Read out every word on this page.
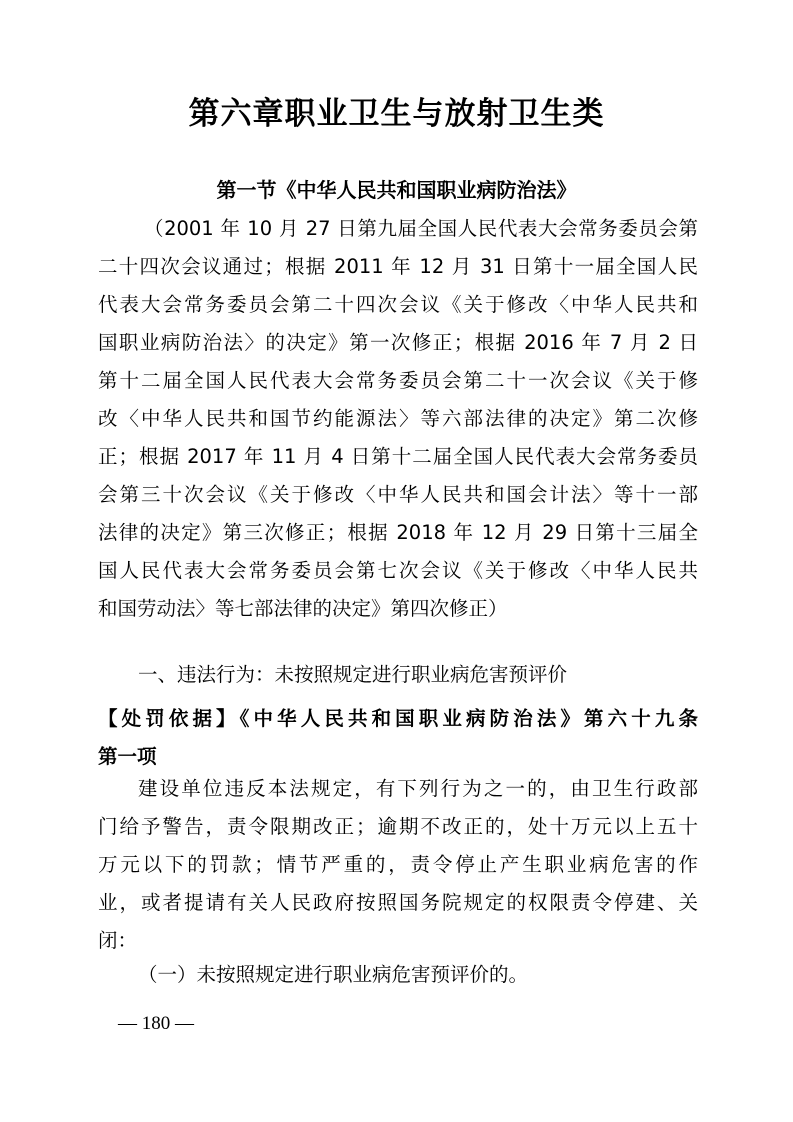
第六章职业卫生与放射卫生类
第一节《中华人民共和国职业病防治法》
（2001 年 10 月 27 日第九届全国人民代表大会常务委员会第
二十四次会议通过；根据 2011 年 12 月 31 日第十一届全国人民
代表大会常务委员会第二十四次会议《关于修改〈中华人民共和
国职业病防治法〉的决定》第一次修正；根据 2016 年 7 月 2 日
第十二届全国人民代表大会常务委员会第二十一次会议《关于修
改〈中华人民共和国节约能源法〉等六部法律的决定》第二次修
正；根据 2017 年 11 月 4 日第十二届全国人民代表大会常务委员
会第三十次会议《关于修改〈中华人民共和国会计法〉等十一部
法律的决定》第三次修正；根据 2018 年 12 月 29 日第十三届全
国人民代表大会常务委员会第七次会议《关于修改〈中华人民共
和国劳动法〉等七部法律的决定》第四次修正）
一、违法行为：未按照规定进行职业病危害预评价
【处罚依据】《中华人民共和国职业病防治法》第六十九条
第一项
建设单位违反本法规定，有下列行为之一的，由卫生行政部
门给予警告，责令限期改正；逾期不改正的，处十万元以上五十
万元以下的罚款；情节严重的，责令停止产生职业病危害的作
业，或者提请有关人民政府按照国务院规定的权限责令停建、关
闭：
（一）未按照规定进行职业病危害预评价的。
— 180 —
